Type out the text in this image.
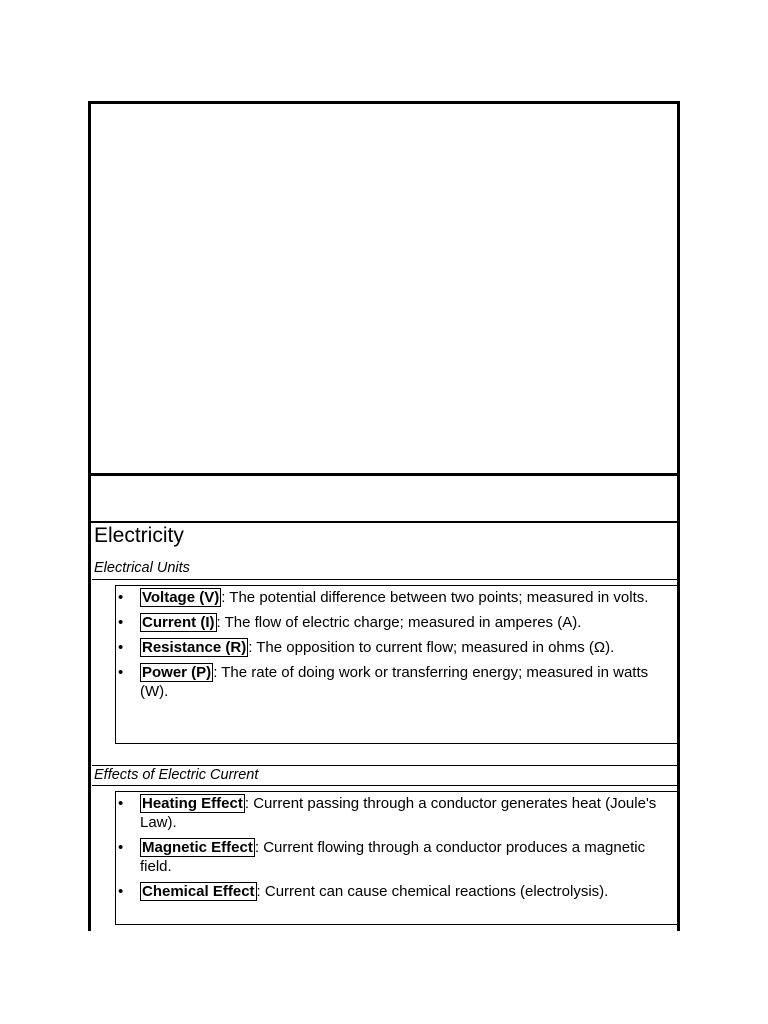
Electricity
Electrical Units
• Voltage (V) : The potential difference between two points; measured in volts.
• Current (I) : The flow of electric charge; measured in amperes (A).
• Resistance (R) : The opposition to current flow; measured in ohms (Ω).
• Power (P) : The rate of doing work or transferring energy; measured in watts (W).
Effects of Electric Current
• Heating Effect : Current passing through a conductor generates heat (Joule's Law).
• Magnetic Effect : Current flowing through a conductor produces a magnetic field.
• Chemical Effect : Current can cause chemical reactions (electrolysis).
